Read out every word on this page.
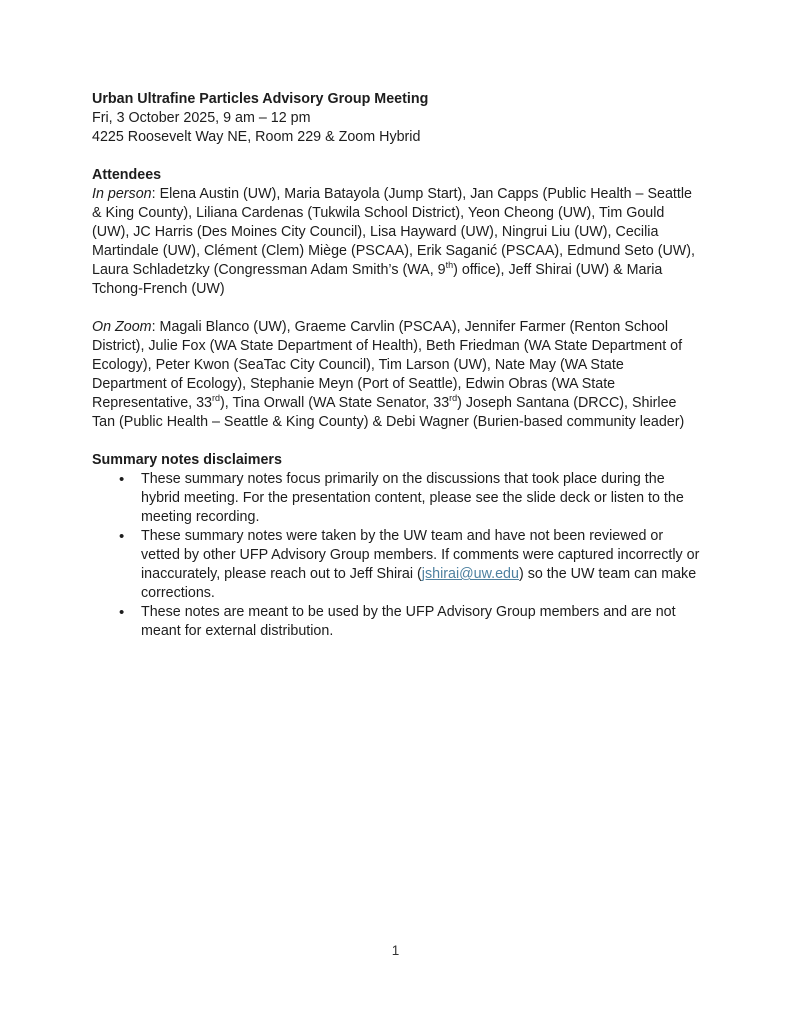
Urban Ultrafine Particles Advisory Group Meeting

Fri, 3 October 2025, 9 am – 12 pm

4225 Roosevelt Way NE, Room 229 & Zoom Hybrid

Attendees

In person: Elena Austin (UW), Maria Batayola (Jump Start), Jan Capps (Public Health – Seattle & King County), Liliana Cardenas (Tukwila School District), Yeon Cheong (UW), Tim Gould (UW), JC Harris (Des Moines City Council), Lisa Hayward (UW), Ningrui Liu (UW), Cecilia Martindale (UW), Clément (Clem) Miège (PSCAA), Erik Saganić (PSCAA), Edmund Seto (UW), Laura Schladetzky (Congressman Adam Smith’s (WA, 9th) office), Jeff Shirai (UW) & Maria Tchong-French (UW)

On Zoom: Magali Blanco (UW), Graeme Carvlin (PSCAA), Jennifer Farmer (Renton School District), Julie Fox (WA State Department of Health), Beth Friedman (WA State Department of Ecology), Peter Kwon (SeaTac City Council), Tim Larson (UW), Nate May (WA State Department of Ecology), Stephanie Meyn (Port of Seattle), Edwin Obras (WA State Representative, 33rd), Tina Orwall (WA State Senator, 33rd) Joseph Santana (DRCC), Shirlee Tan (Public Health – Seattle & King County) & Debi Wagner (Burien-based community leader)

Summary notes disclaimers

• These summary notes focus primarily on the discussions that took place during the hybrid meeting. For the presentation content, please see the slide deck or listen to the meeting recording.
• These summary notes were taken by the UW team and have not been reviewed or vetted by other UFP Advisory Group members. If comments were captured incorrectly or inaccurately, please reach out to Jeff Shirai (jshirai@uw.edu) so the UW team can make corrections.
• These notes are meant to be used by the UFP Advisory Group members and are not meant for external distribution.
1
